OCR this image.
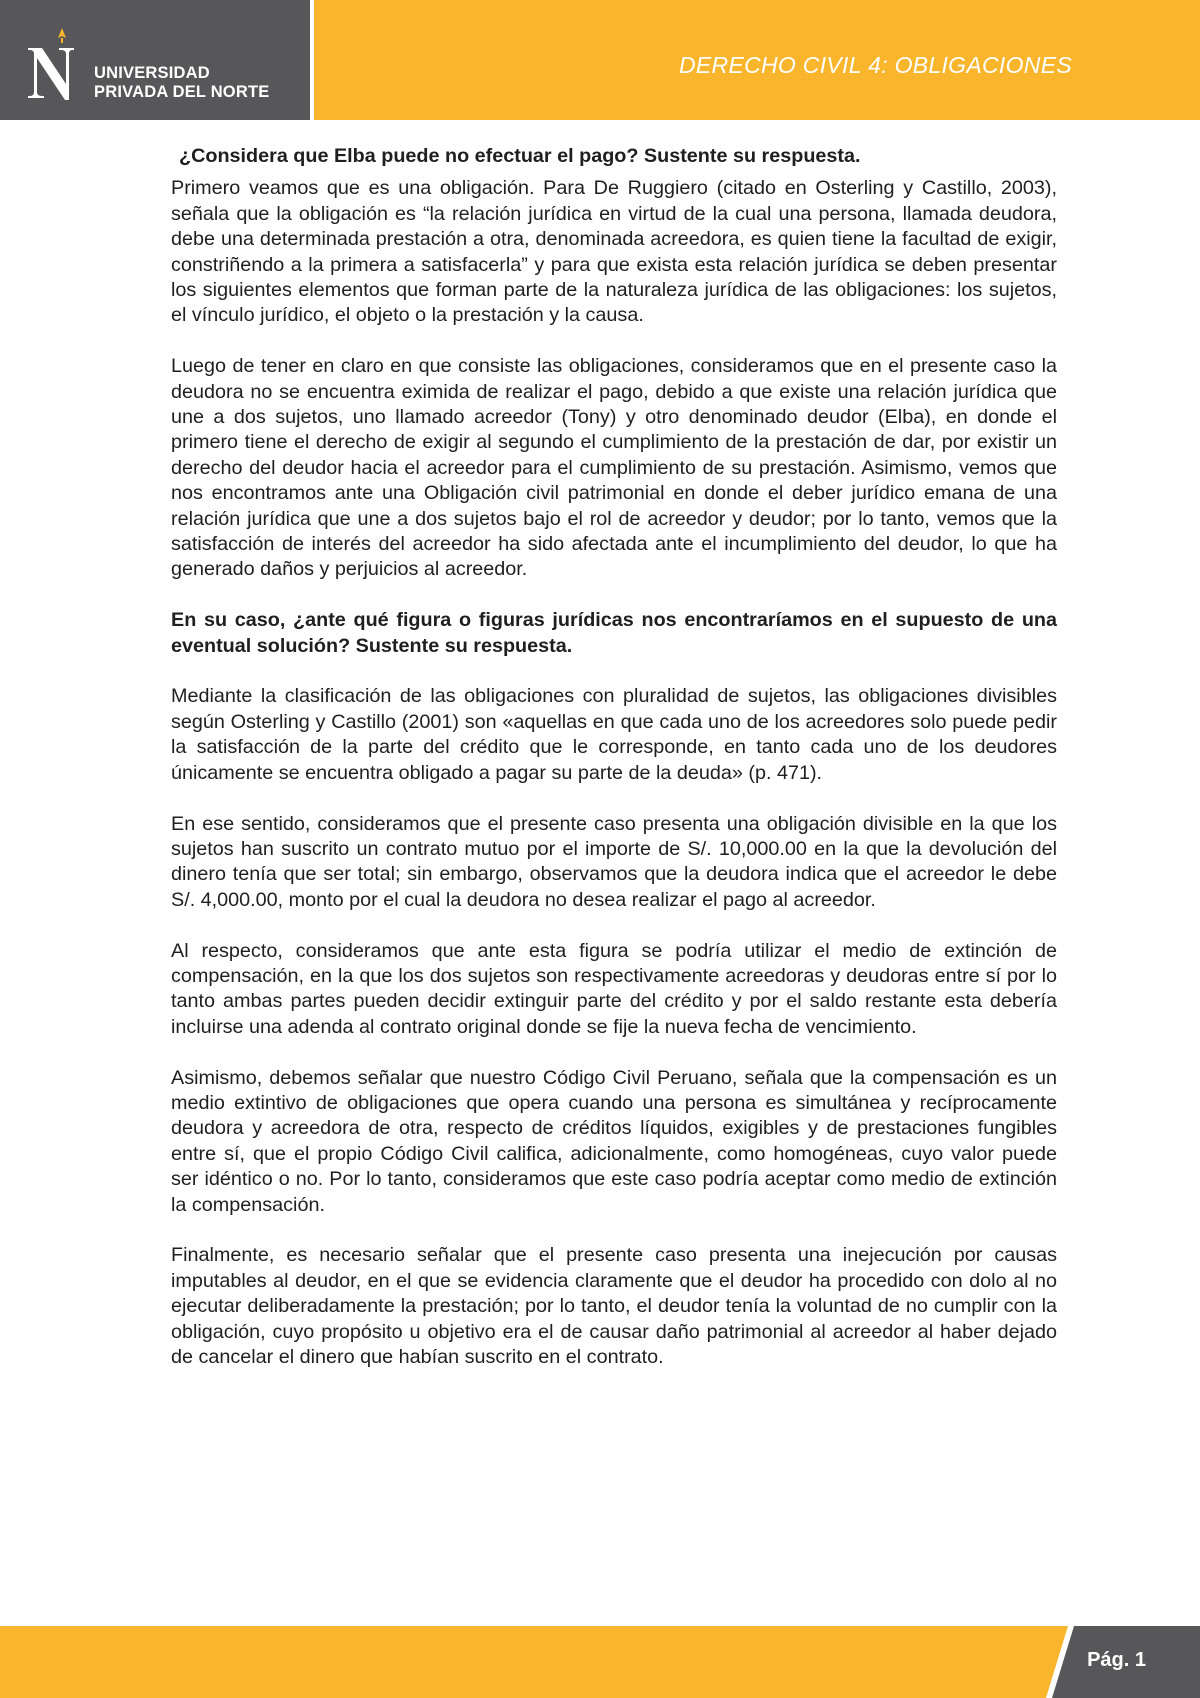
UNIVERSIDAD
PRIVADA DEL NORTE
DERECHO CIVIL 4: OBLIGACIONES

¿Considera que Elba puede no efectuar el pago? Sustente su respuesta.

Primero veamos que es una obligación. Para De Ruggiero (citado en Osterling y Castillo, 2003), señala que la obligación es “la relación jurídica en virtud de la cual una persona, llamada deudora, debe una determinada prestación a otra, denominada acreedora, es quien tiene la facultad de exigir, constriñendo a la primera a satisfacerla” y para que exista esta relación jurídica se deben presentar los siguientes elementos que forman parte de la naturaleza jurídica de las obligaciones: los sujetos, el vínculo jurídico, el objeto o la prestación y la causa.

Luego de tener en claro en que consiste las obligaciones, consideramos que en el presente caso la deudora no se encuentra eximida de realizar el pago, debido a que existe una relación jurídica que une a dos sujetos, uno llamado acreedor (Tony) y otro denominado deudor (Elba), en donde el primero tiene el derecho de exigir al segundo el cumplimiento de la prestación de dar, por existir un derecho del deudor hacia el acreedor para el cumplimiento de su prestación. Asimismo, vemos que nos encontramos ante una Obligación civil patrimonial en donde el deber jurídico emana de una relación jurídica que une a dos sujetos bajo el rol de acreedor y deudor; por lo tanto, vemos que la satisfacción de interés del acreedor ha sido afectada ante el incumplimiento del deudor, lo que ha generado daños y perjuicios al acreedor.

En su caso, ¿ante qué figura o figuras jurídicas nos encontraríamos en el supuesto de una eventual solución? Sustente su respuesta.

Mediante la clasificación de las obligaciones con pluralidad de sujetos, las obligaciones divisibles según Osterling y Castillo (2001) son «aquellas en que cada uno de los acreedores solo puede pedir la satisfacción de la parte del crédito que le corresponde, en tanto cada uno de los deudores únicamente se encuentra obligado a pagar su parte de la deuda» (p. 471).

En ese sentido, consideramos que el presente caso presenta una obligación divisible en la que los sujetos han suscrito un contrato mutuo por el importe de S/. 10,000.00 en la que la devolución del dinero tenía que ser total; sin embargo, observamos que la deudora indica que el acreedor le debe S/. 4,000.00, monto por el cual la deudora no desea realizar el pago al acreedor.

Al respecto, consideramos que ante esta figura se podría utilizar el medio de extinción de compensación, en la que los dos sujetos son respectivamente acreedoras y deudoras entre sí por lo tanto ambas partes pueden decidir extinguir parte del crédito y por el saldo restante esta debería incluirse una adenda al contrato original donde se fije la nueva fecha de vencimiento.

Asimismo, debemos señalar que nuestro Código Civil Peruano, señala que la compensación es un medio extintivo de obligaciones que opera cuando una persona es simultánea y recíprocamente deudora y acreedora de otra, respecto de créditos líquidos, exigibles y de prestaciones fungibles entre sí, que el propio Código Civil califica, adicionalmente, como homogéneas, cuyo valor puede ser idéntico o no. Por lo tanto, consideramos que este caso podría aceptar como medio de extinción la compensación.

Finalmente, es necesario señalar que el presente caso presenta una inejecución por causas imputables al deudor, en el que se evidencia claramente que el deudor ha procedido con dolo al no ejecutar deliberadamente la prestación; por lo tanto, el deudor tenía la voluntad de no cumplir con la obligación, cuyo propósito u objetivo era el de causar daño patrimonial al acreedor al haber dejado de cancelar el dinero que habían suscrito en el contrato.

Pág. 1
